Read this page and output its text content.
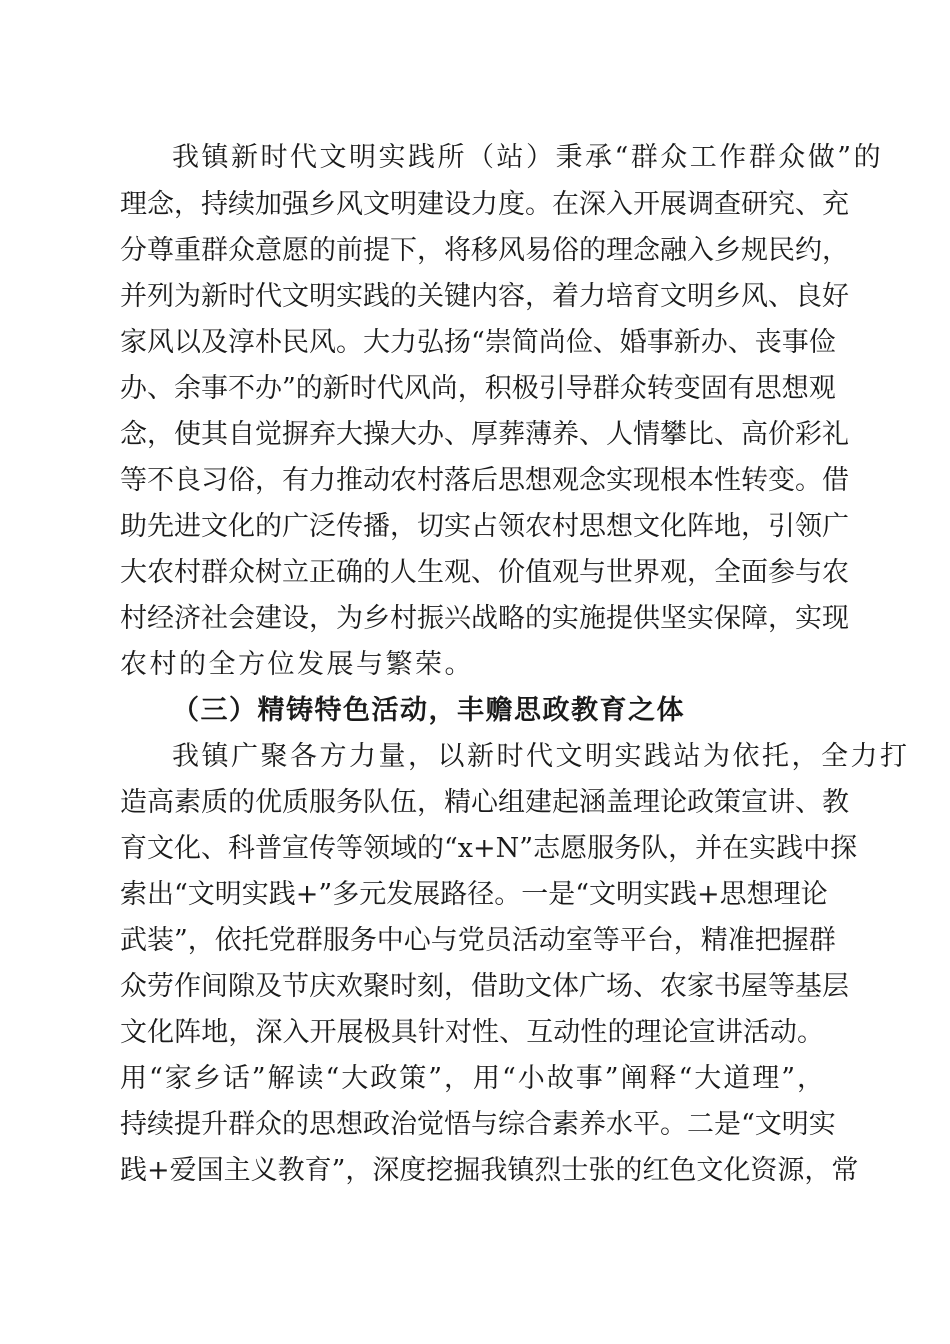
我镇新时代文明实践所（站）秉承“群众工作群众做”的
理念，持续加强乡风文明建设力度。在深入开展调查研究、充
分尊重群众意愿的前提下，将移风易俗的理念融入乡规民约，
并列为新时代文明实践的关键内容，着力培育文明乡风、良好
家风以及淳朴民风。大力弘扬“崇简尚俭、婚事新办、丧事俭
办、余事不办”的新时代风尚，积极引导群众转变固有思想观
念，使其自觉摒弃大操大办、厚葬薄养、人情攀比、高价彩礼
等不良习俗，有力推动农村落后思想观念实现根本性转变。借
助先进文化的广泛传播，切实占领农村思想文化阵地，引领广
大农村群众树立正确的人生观、价值观与世界观，全面参与农
村经济社会建设，为乡村振兴战略的实施提供坚实保障，实现
农村的全方位发展与繁荣。
（三）精铸特色活动，丰赡思政教育之体
我镇广聚各方力量，以新时代文明实践站为依托，全力打
造高素质的优质服务队伍，精心组建起涵盖理论政策宣讲、教
育文化、科普宣传等领域的“x+N”志愿服务队，并在实践中探
索出“文明实践+”多元发展路径。一是“文明实践+思想理论
武装”，依托党群服务中心与党员活动室等平台，精准把握群
众劳作间隙及节庆欢聚时刻，借助文体广场、农家书屋等基层
文化阵地，深入开展极具针对性、互动性的理论宣讲活动。
用“家乡话”解读“大政策”，用“小故事”阐释“大道理”，
持续提升群众的思想政治觉悟与综合素养水平。二是“文明实
践+爱国主义教育”，深度挖掘我镇烈士张的红色文化资源，常
